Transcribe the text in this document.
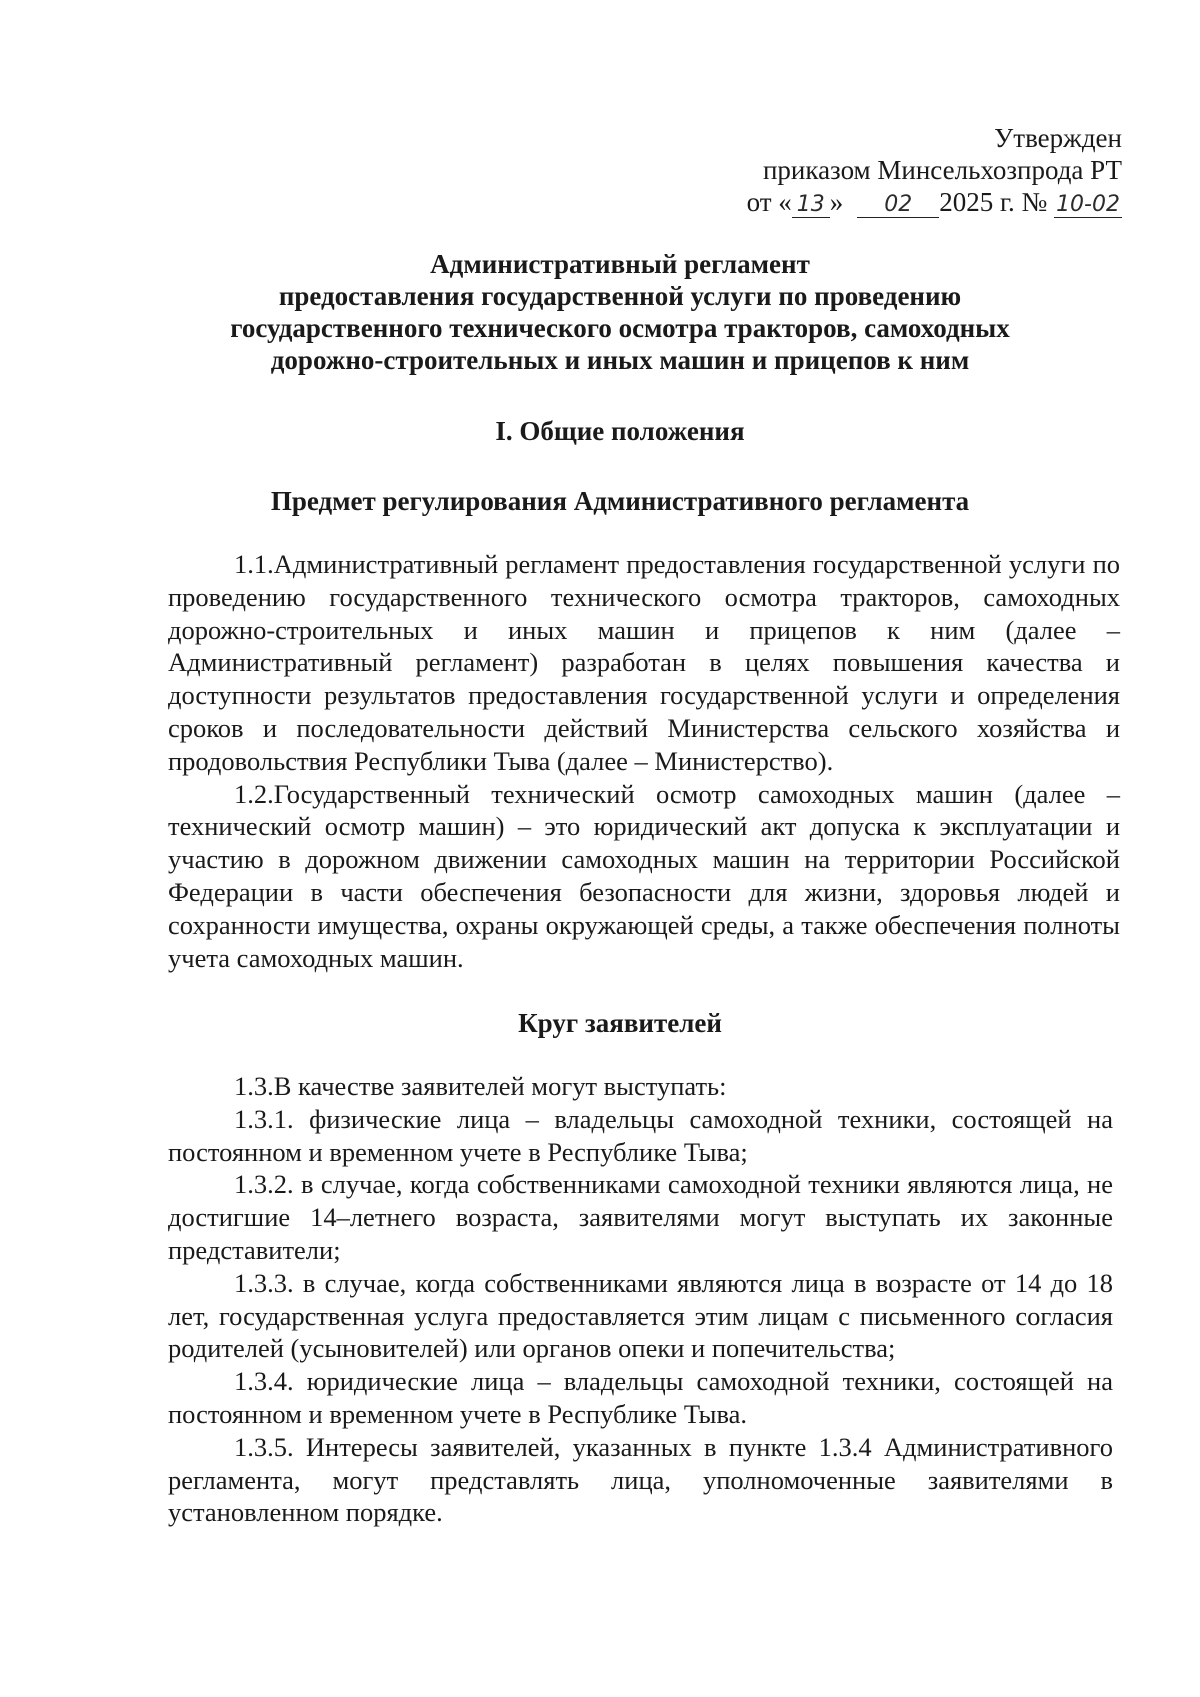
Утвержден
приказом Минсельхозпрода РТ
от « 13 » 02 2025 г. № 10-02
Административный регламент
предоставления государственной услуги по проведению
государственного технического осмотра тракторов, самоходных
дорожно-строительных и иных машин и прицепов к ним
I. Общие положения
Предмет регулирования Административного регламента

1.1.Административный регламент предоставления государственной услуги по проведению государственного технического осмотра тракторов, самоходных дорожно-строительных и иных машин и прицепов к ним (далее – Административный регламент) разработан в целях повышения качества и доступности результатов предоставления государственной услуги и определения сроков и последовательности действий Министерства сельского хозяйства и продовольствия Республики Тыва (далее – Министерство).

1.2.Государственный технический осмотр самоходных машин (далее – технический осмотр машин) – это юридический акт допуска к эксплуатации и участию в дорожном движении самоходных машин на территории Российской Федерации в части обеспечения безопасности для жизни, здоровья людей и сохранности имущества, охраны окружающей среды, а также обеспечения полноты учета самоходных машин.

Круг заявителей

1.3.В качестве заявителей могут выступать:

1.3.1. физические лица – владельцы самоходной техники, состоящей на постоянном и временном учете в Республике Тыва;

1.3.2. в случае, когда собственниками самоходной техники являются лица, не достигшие 14–летнего возраста, заявителями могут выступать их законные представители;

1.3.3. в случае, когда собственниками являются лица в возрасте от 14 до 18 лет, государственная услуга предоставляется этим лицам с письменного согласия родителей (усыновителей) или органов опеки и попечительства;

1.3.4. юридические лица – владельцы самоходной техники, состоящей на постоянном и временном учете в Республике Тыва.

1.3.5. Интересы заявителей, указанных в пункте 1.3.4 Административного регламента, могут представлять лица, уполномоченные заявителями в установленном порядке.
